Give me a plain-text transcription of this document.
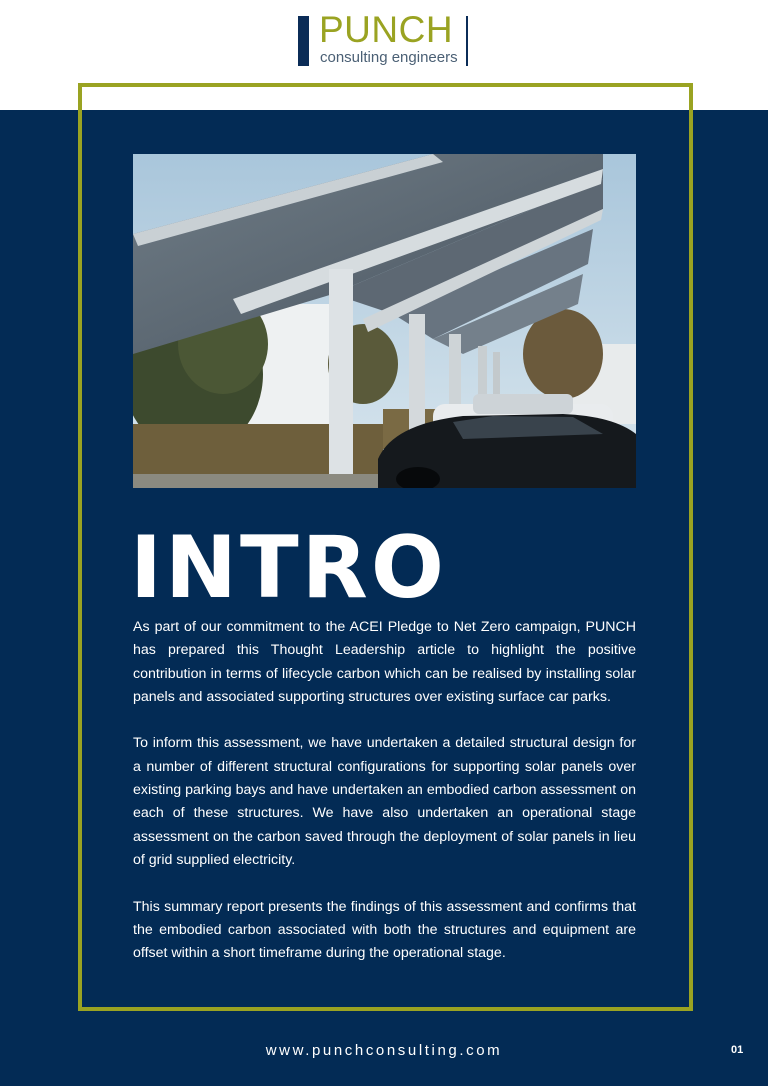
PUNCH
consulting engineers
INTRO

As part of our commitment to the ACEI Pledge to Net Zero campaign, PUNCH has prepared this Thought Leadership article to highlight the positive contribution in terms of lifecycle carbon which can be realised by installing solar panels and associated supporting structures over existing surface car parks.

To inform this assessment, we have undertaken a detailed structural design for a number of different structural configurations for supporting solar panels over existing parking bays and have undertaken an embodied carbon assessment on each of these structures. We have also undertaken an operational stage assessment on the carbon saved through the deployment of solar panels in lieu of grid supplied electricity.

This summary report presents the findings of this assessment and confirms that the embodied carbon associated with both the structures and equipment are offset within a short timeframe during the operational stage.

www.punchconsulting.com	01
